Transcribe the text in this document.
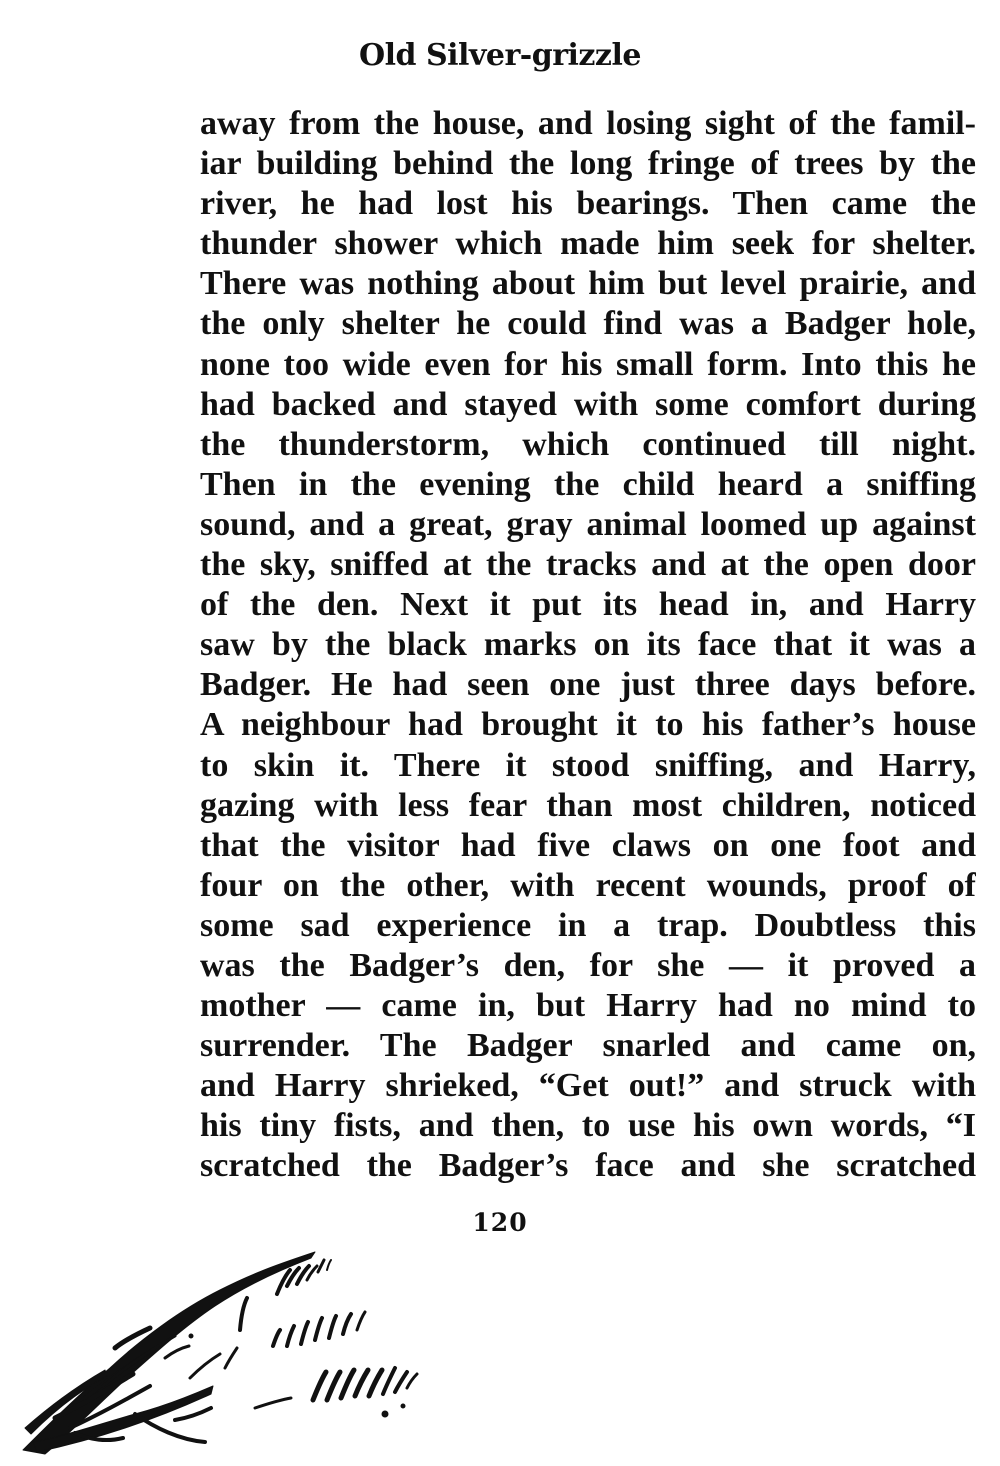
Old Silver-grizzle
away from the house, and losing sight of the famil-
iar building behind the long fringe of trees by the
river, he had lost his bearings. Then came the
thunder shower which made him seek for shelter.
There was nothing about him but level prairie, and
the only shelter he could find was a Badger hole,
none too wide even for his small form. Into this he
had backed and stayed with some comfort during
the thunderstorm, which continued till night.
Then in the evening the child heard a sniffing
sound, and a great, gray animal loomed up against
the sky, sniffed at the tracks and at the open door
of the den. Next it put its head in, and Harry
saw by the black marks on its face that it was a
Badger. He had seen one just three days before.
A neighbour had brought it to his father’s house
to skin it. There it stood sniffing, and Harry,
gazing with less fear than most children, noticed
that the visitor had five claws on one foot and
four on the other, with recent wounds, proof of
some sad experience in a trap. Doubtless this
was the Badger’s den, for she — it proved a
mother — came in, but Harry had no mind to
surrender. The Badger snarled and came on,
and Harry shrieked, “Get out!” and struck with
his tiny fists, and then, to use his own words, “I
scratched the Badger’s face and she scratched
120
